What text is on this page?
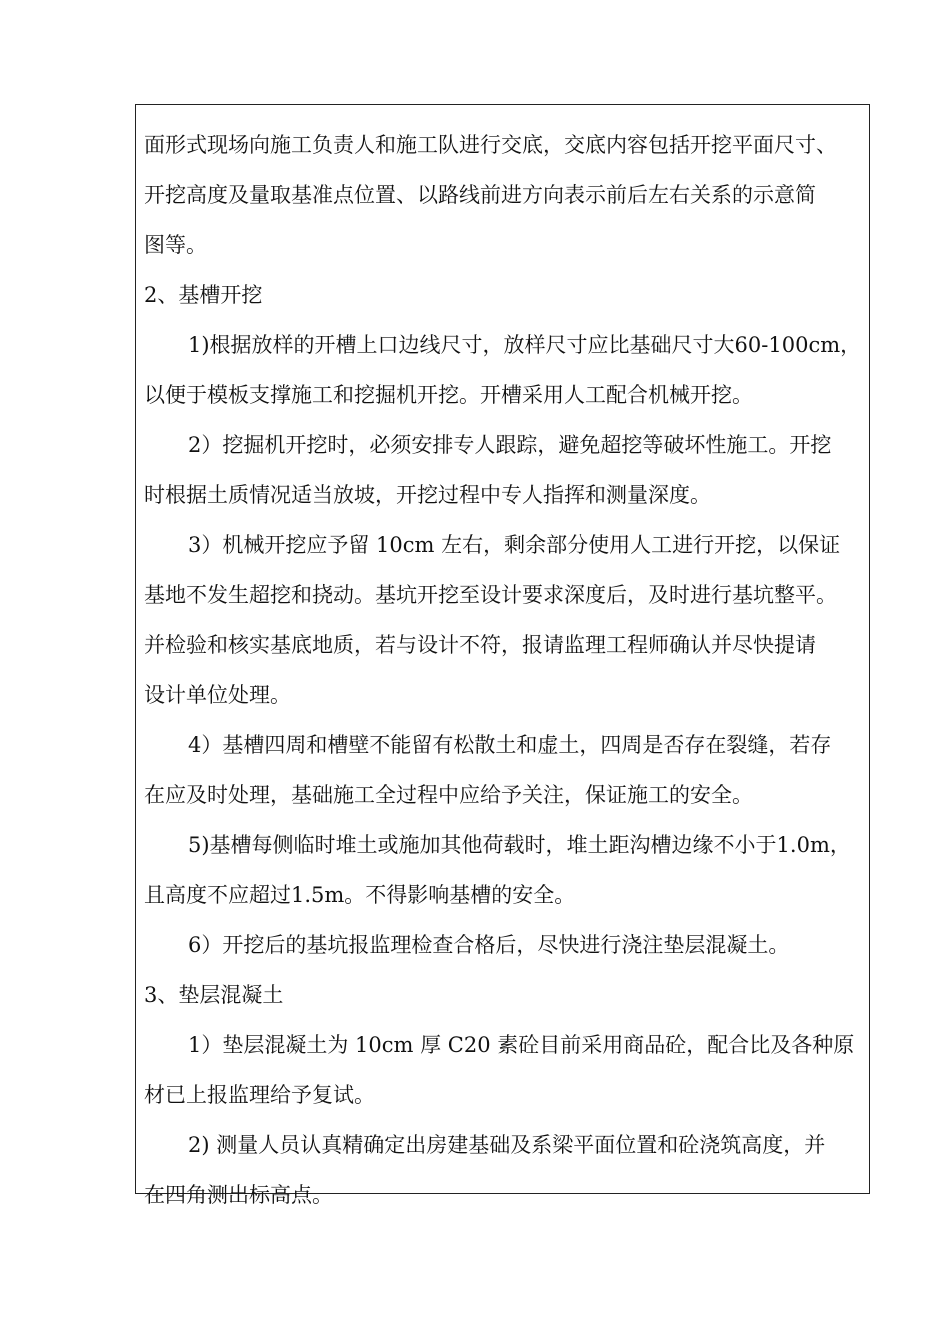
面形式现场向施工负责人和施工队进行交底，交底内容包括开挖平面尺寸、
开挖高度及量取基准点位置、以路线前进方向表示前后左右关系的示意简
图等。
2、基槽开挖
1)根据放样的开槽上口边线尺寸，放样尺寸应比基础尺寸大60-100cm，
以便于模板支撑施工和挖掘机开挖。开槽采用人工配合机械开挖。
2）挖掘机开挖时，必须安排专人跟踪，避免超挖等破坏性施工。开挖
时根据土质情况适当放坡，开挖过程中专人指挥和测量深度。
3）机械开挖应予留 10cm 左右，剩余部分使用人工进行开挖，以保证
基地不发生超挖和挠动。基坑开挖至设计要求深度后，及时进行基坑整平。
并检验和核实基底地质，若与设计不符，报请监理工程师确认并尽快提请
设计单位处理。
4）基槽四周和槽壁不能留有松散土和虚土，四周是否存在裂缝，若存
在应及时处理，基础施工全过程中应给予关注，保证施工的安全。
5)基槽每侧临时堆土或施加其他荷载时，堆土距沟槽边缘不小于1.0m，
且高度不应超过1.5m。不得影响基槽的安全。
6）开挖后的基坑报监理检查合格后，尽快进行浇注垫层混凝土。
3、垫层混凝土
1）垫层混凝土为 10cm 厚 C20 素砼目前采用商品砼，配合比及各种原
材已上报监理给予复试。
2) 测量人员认真精确定出房建基础及系梁平面位置和砼浇筑高度，并
在四角测出标高点。
